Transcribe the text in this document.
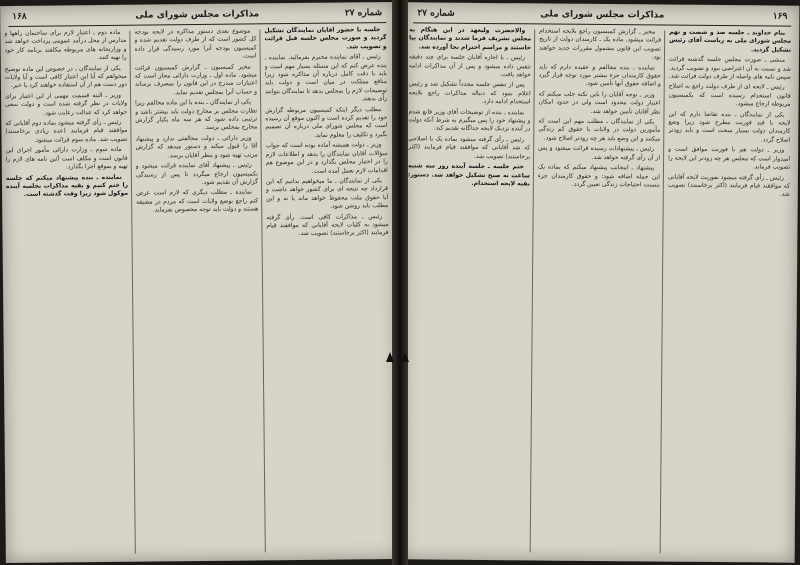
۱۶۸	مذاکرات مجلس شورای ملی	شماره ۲۷

جلسه با حضور آقایان نمایندگان تشکیل گردید و صورت مجلس جلسه قبل قرائت و تصویب شد.

رئیس ـ آقای نماینده محترم بفرمائید. نماینده ـ بنده عرض کنم که این مسئله بسیار مهم است و باید با دقت کامل درباره آن مذاکره شود زیرا منافع مملکت در میان است و دولت باید توضیحات لازم را بمجلس بدهد تا نمایندگان بتوانند رأی بدهند.

مطلب دیگر اینکه کمیسیون مربوطه گزارش خود را تقدیم کرده است و اکنون موقع آن رسیده است که مجلس شورای ملی درباره آن تصمیم بگیرد و تکلیف را معلوم نماید.

وزیر ـ دولت همیشه آماده بوده است که جواب سؤالات آقایان نمایندگان را بدهد و اطلاعات لازم را در اختیار مجلس بگذارد و در این موضوع هم اقدامات لازم بعمل آمده است.

یکی از نمایندگان ـ ما میخواهیم بدانیم که این قرارداد چه نتیجه ای برای کشور خواهد داشت و آیا حقوق ملت محفوظ خواهد ماند یا نه و این مطلب باید روشن شود.

رئیس ـ مذاکرات کافی است. رأی گرفته میشود به کلیات لایحه آقایانی که موافقند قیام فرمایند (اکثر برخاستند) تصویب شد.

موضوع بعدی دستور مذاکره در لایحه بودجه کل کشور است که از طرف دولت تقدیم شده و کمیسیون بودجه آنرا مورد رسیدگی قرار داده است.

مخبر کمیسیون ـ گزارش کمیسیون قرائت میشود. ماده اول ـ وزارت دارائی مجاز است که اعتبارات مندرج در این قانون را بمصرف برساند و حساب آنرا بمجلس تقدیم نماید.

یکی از نمایندگان ـ بنده با این ماده مخالفم زیرا نظارت مجلس بر مخارج دولت باید بیشتر باشد و ترتیبی داده شود که هر سه ماه یکبار گزارش مخارج بمجلس برسد.

وزیر دارائی ـ دولت مخالفتی ندارد و پیشنهاد آقا را قبول میکند و دستور میدهد که گزارش مرتب تهیه شود و بنظر آقایان برسد.

رئیس ـ پیشنهاد آقای نماینده قرائت میشود و بکمیسیون ارجاع میگردد تا پس از رسیدگی گزارش آن تقدیم شود.

نماینده ـ مطلب دیگری که لازم است عرض کنم راجع بوضع ولایات است که مردم در مضیقه هستند و دولت باید توجه مخصوص بفرماید.

ماده دوم ـ اعتبار لازم برای ساختمان راهها و مدارس از محل درآمد عمومی پرداخت خواهد شد و وزارتخانه های مربوطه مکلفند برنامه کار خود را تهیه کنند.

یکی از نمایندگان ـ در خصوص این ماده توضیح میخواهم که آیا این اعتبار کافی است و آیا ولایات دور دست هم از آن استفاده خواهند کرد یا خیر.

وزیر ـ البته قسمت مهمی از این اعتبار برای ولایات در نظر گرفته شده است و دولت سعی خواهد کرد که عدالت رعایت شود.

رئیس ـ رأی گرفته میشود بماده دوم آقایانی که موافقند قیام فرمایند (عده زیادی برخاستند) تصویب شد. ماده سوم قرائت میشود.

ماده سوم ـ وزارت دارائی مأمور اجرای این قانون است و مکلف است آئین نامه های لازم را تهیه و بموقع اجرا بگذارد.

نماینده ـ بنده پیشنهاد میکنم که جلسه را ختم کنیم و بقیه مذاکرات بجلسه آینده موکول شود زیرا وقت گذشته است.

۱۶۹
مذاکرات مجلس شورای ملی
شماره ۲۷

بنام خداوند ـ جلسه صد و شصت و نهم مجلس شورای ملی به ریاست آقای رئیس تشکیل گردید.

منشی ـ صورت مجلس جلسه گذشته قرائت شد و نسبت به آن اعتراضی نبود و تصویب گردید. سپس نامه های واصله از طرف دولت قرائت شد.

رئیس ـ لایحه ای از طرف دولت راجع به اصلاح قانون استخدام رسیده است که بکمیسیون مربوطه ارجاع میشود.

یکی از نمایندگان ـ بنده تقاضا دارم که این لایحه با قید فوریت مطرح شود زیرا وضع کارمندان دولت بسیار سخت است و باید زودتر اصلاح گردد.

وزیر ـ دولت هم با فوریت موافق است و امیدوار است که مجلس هر چه زودتر این لایحه را تصویب فرماید.

رئیس ـ رأی گرفته میشود بفوریت لایحه آقایانی که موافقند قیام فرمایند (اکثر برخاستند) تصویب شد.

مخبر ـ گزارش کمیسیون راجع بلایحه استخدام قرائت میشود. ماده یک ـ کارمندان دولت از تاریخ تصویب این قانون مشمول مقررات جدید خواهند بود.

نماینده ـ بنده مخالفم و عقیده دارم که باید حقوق کارمندان جزء بیشتر مورد توجه قرار گیرد و اضافه حقوق آنها تأمین شود.

وزیر ـ توجه آقایان را باین نکته جلب میکنم که اعتبار دولت محدود است ولی در حدود امکان نظر آقایان تأمین خواهد شد.

یکی از نمایندگان ـ مطلب مهم این است که مأمورین دولت در ولایات با حقوق کم زندگی میکنند و این وضع باید هر چه زودتر اصلاح شود.

رئیس ـ پیشنهادات رسیده قرائت میشود و پس از آن رأی گرفته خواهد شد.

پیشنهاد ـ اینجانب پیشنهاد میکنم که بماده یک این جمله اضافه شود: و حقوق کارمندان جزء بنسبت احتیاجات زندگی تعیین گردد.

والاحضرت ولیعهد در این هنگام به مجلس تشریف فرما شدند و نمایندگان بپا خاستند و مراسم احترام بجا آورده شد.

رئیس ـ با اجازه آقایان جلسه برای چند دقیقه تنفس داده میشود و پس از آن مذاکرات ادامه خواهد یافت.

پس از تنفس جلسه مجدداً تشکیل شد و رئیس اعلام نمود که دنباله مذاکرات راجع بلایحه استخدام ادامه دارد.

نماینده ـ بنده از توضیحات آقای وزیر قانع شدم و پیشنهاد خود را پس میگیرم به شرط آنکه دولت در آینده نزدیک لایحه جداگانه تقدیم کند.

رئیس ـ رأی گرفته میشود بماده یک با اصلاحی که شد آقایانی که موافقند قیام فرمایند (اکثر برخاستند) تصویب شد.

ختم جلسه ـ جلسه آینده روز سه شنبه ساعت نه صبح تشکیل خواهد شد. دستور: بقیه لایحه استخدام.
